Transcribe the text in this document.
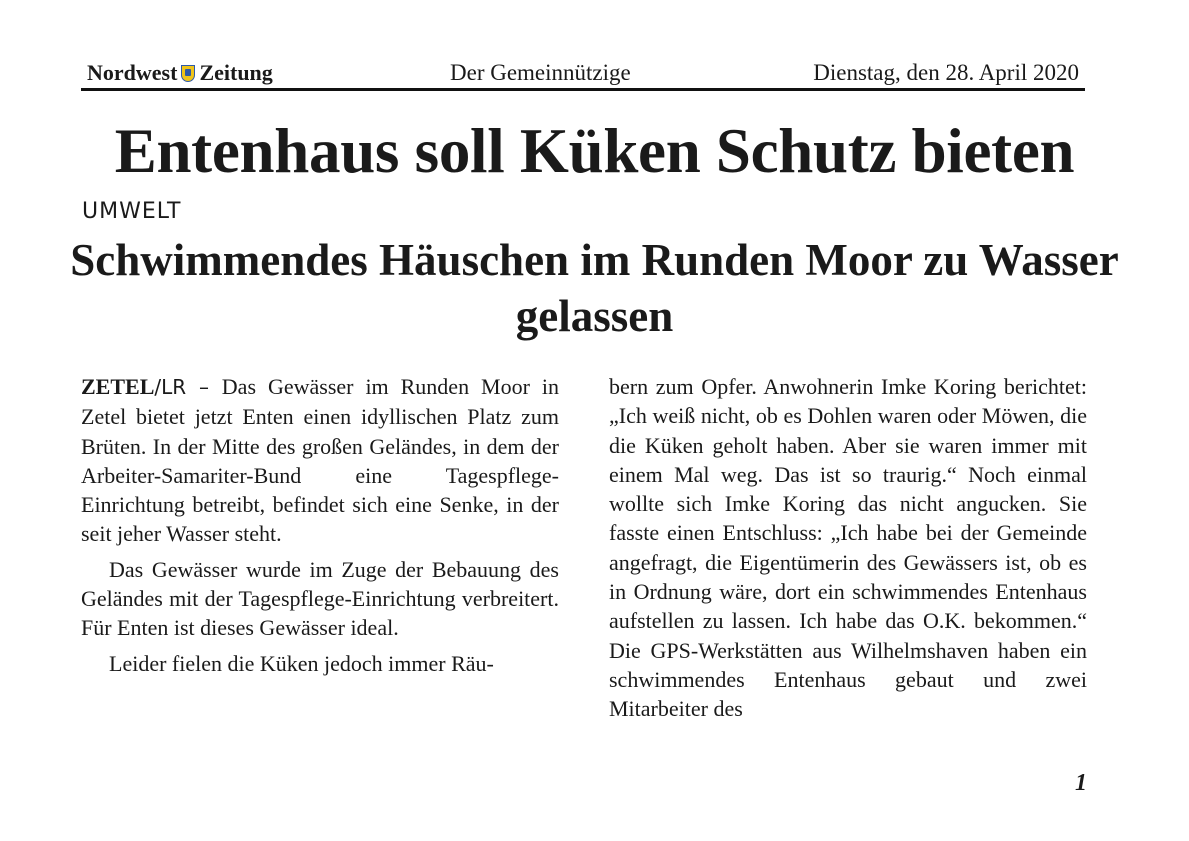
Nordwest Zeitung	Der Gemeinnützige	Dienstag, den 28. April 2020
Entenhaus soll Küken Schutz bieten
UMWELT
Schwimmendes Häuschen im Runden Moor zu Wasser gelassen

ZETEL/LR – Das Gewässer im Runden Moor in Zetel bietet jetzt Enten einen idyllischen Platz zum Brüten. In der Mitte des großen Geländes, in dem der Arbeiter-Samariter-Bund eine Tagespflege-Einrichtung betreibt, befindet sich eine Senke, in der seit jeher Wasser steht.

Das Gewässer wurde im Zuge der Bebauung des Geländes mit der Tagespflege-Einrichtung verbreitert. Für Enten ist dieses Gewässer ideal.

Leider fielen die Küken jedoch immer Räu-

bern zum Opfer. Anwohnerin Imke Koring berichtet: „Ich weiß nicht, ob es Dohlen waren oder Möwen, die die Küken geholt haben. Aber sie waren immer mit einem Mal weg. Das ist so traurig.“ Noch einmal wollte sich Imke Koring das nicht angucken. Sie fasste einen Entschluss: „Ich habe bei der Gemeinde angefragt, die Eigentümerin des Gewässers ist, ob es in Ordnung wäre, dort ein schwimmendes Entenhaus aufstellen zu lassen. Ich habe das O.K. bekommen.“ Die GPS-Werkstätten aus Wilhelmshaven haben ein schwimmendes Entenhaus gebaut und zwei Mitarbeiter des

1
